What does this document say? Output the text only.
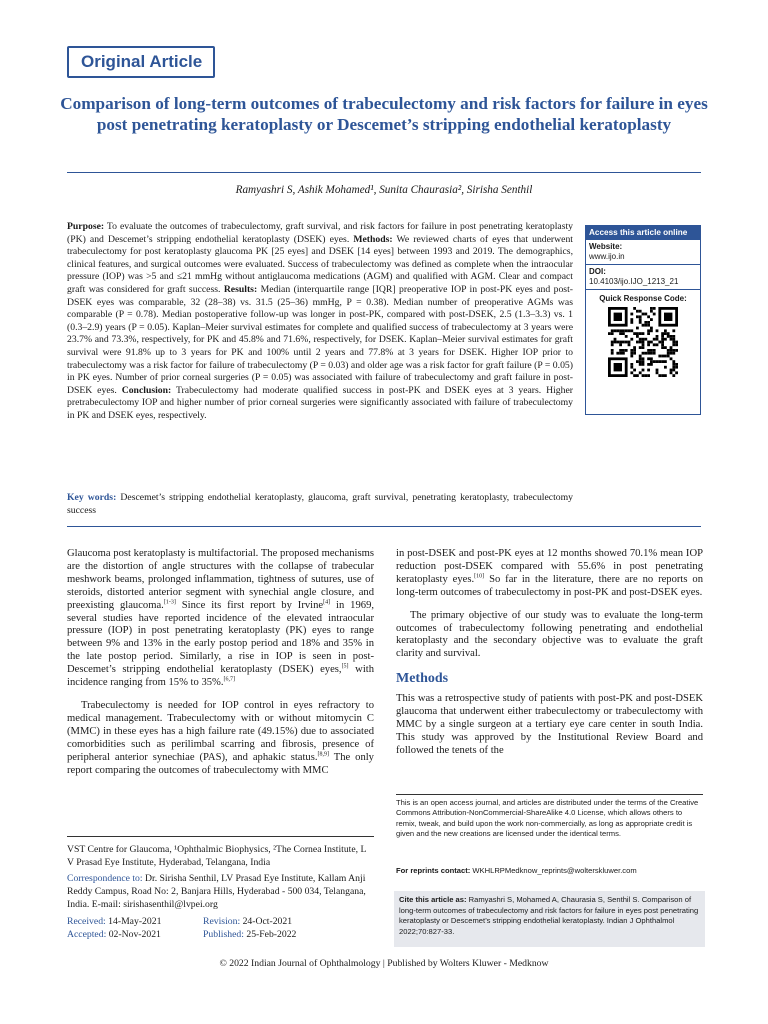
Original Article
Comparison of long-term outcomes of trabeculectomy and risk factors for failure in eyes post penetrating keratoplasty or Descemet’s stripping endothelial keratoplasty
Ramyashri S, Ashik Mohamed¹, Sunita Chaurasia², Sirisha Senthil
Purpose: To evaluate the outcomes of trabeculectomy, graft survival, and risk factors for failure in post penetrating keratoplasty (PK) and Descemet’s stripping endothelial keratoplasty (DSEK) eyes. Methods: We reviewed charts of eyes that underwent trabeculectomy for post keratoplasty glaucoma PK [25 eyes] and DSEK [14 eyes] between 1993 and 2019. The demographics, clinical features, and surgical outcomes were evaluated. Success of trabeculectomy was defined as complete when the intraocular pressure (IOP) was >5 and ≤21 mmHg without antiglaucoma medications (AGM) and qualified with AGM. Clear and compact graft was considered for graft success. Results: Median (interquartile range [IQR] preoperative IOP in post-PK eyes and post-DSEK eyes was comparable, 32 (28–38) vs. 31.5 (25–36) mmHg, P = 0.38). Median number of preoperative AGMs was comparable (P = 0.78). Median postoperative follow-up was longer in post-PK, compared with post-DSEK, 2.5 (1.3–3.3) vs. 1 (0.3–2.9) years (P = 0.05). Kaplan–Meier survival estimates for complete and qualified success of trabeculectomy at 3 years were 23.7% and 73.3%, respectively, for PK and 45.8% and 71.6%, respectively, for DSEK. Kaplan–Meier survival estimates for graft survival were 91.8% up to 3 years for PK and 100% until 2 years and 77.8% at 3 years for DSEK. Higher IOP prior to trabeculectomy was a risk factor for failure of trabeculectomy (P = 0.03) and older age was a risk factor for graft failure (P = 0.05) in PK eyes. Number of prior corneal surgeries (P = 0.05) was associated with failure of trabeculectomy and graft failure in post-DSEK eyes. Conclusion: Trabeculectomy had moderate qualified success in post-PK and DSEK eyes at 3 years. Higher pretrabeculectomy IOP and higher number of prior corneal surgeries were significantly associated with failure of trabeculectomy in PK and DSEK eyes, respectively.
Key words: Descemet’s stripping endothelial keratoplasty, glaucoma, graft survival, penetrating keratoplasty, trabeculectomy success
Access this article online
Website:
www.ijo.in
DOI:
10.4103/ijo.IJO_1213_21
Quick Response Code:

Glaucoma post keratoplasty is multifactorial. The proposed mechanisms are the distortion of angle structures with the collapse of trabecular meshwork beams, prolonged inflammation, tightness of sutures, use of steroids, distorted anterior segment with synechial angle closure, and preexisting glaucoma.[1-3] Since its first report by Irvine[4] in 1969, several studies have reported incidence of the elevated intraocular pressure (IOP) in post penetrating keratoplasty (PK) eyes to range between 9% and 13% in the early postop period and 18% and 35% in the late postop period. Similarly, a rise in IOP is seen in post-Descemet’s stripping endothelial keratoplasty (DSEK) eyes,[5] with incidence ranging from 15% to 35%.[6,7]

Trabeculectomy is needed for IOP control in eyes refractory to medical management. Trabeculectomy with or without mitomycin C (MMC) in these eyes has a high failure rate (49.15%) due to associated comorbidities such as perilimbal scarring and fibrosis, presence of peripheral anterior synechiae (PAS), and aphakic status.[8,9] The only report comparing the outcomes of trabeculectomy with MMC

in post-DSEK and post-PK eyes at 12 months showed 70.1% mean IOP reduction post-DSEK compared with 55.6% in post penetrating keratoplasty eyes.[10] So far in the literature, there are no reports on long-term outcomes of trabeculectomy in post-PK and post-DSEK eyes.

The primary objective of our study was to evaluate the long-term outcomes of trabeculectomy following penetrating and endothelial keratoplasty and the secondary objective was to evaluate the graft clarity and survival.

Methods

This was a retrospective study of patients with post-PK and post-DSEK glaucoma that underwent either trabeculectomy or trabeculectomy with MMC by a single surgeon at a tertiary eye care center in south India. This study was approved by the Institutional Review Board and followed the tenets of the

VST Centre for Glaucoma, ¹Ophthalmic Biophysics, ²The Cornea Institute, L V Prasad Eye Institute, Hyderabad, Telangana, India

Correspondence to: Dr. Sirisha Senthil, LV Prasad Eye Institute, Kallam Anji Reddy Campus, Road No: 2, Banjara Hills, Hyderabad - 500 034, Telangana, India. E-mail: sirishasenthil@lvpei.org

Received: 14-May-2021	Revision: 24-Oct-2021
Accepted: 02-Nov-2021	Published: 25-Feb-2022
This is an open access journal, and articles are distributed under the terms of the Creative Commons Attribution-NonCommercial-ShareAlike 4.0 License, which allows others to remix, tweak, and build upon the work non-commercially, as long as appropriate credit is given and the new creations are licensed under the identical terms.
For reprints contact: WKHLRPMedknow_reprints@wolterskluwer.com
Cite this article as: Ramyashri S, Mohamed A, Chaurasia S, Senthil S. Comparison of long-term outcomes of trabeculectomy and risk factors for failure in eyes post penetrating keratoplasty or Descemet’s stripping endothelial keratoplasty. Indian J Ophthalmol 2022;70:827-33.
© 2022 Indian Journal of Ophthalmology | Published by Wolters Kluwer - Medknow
